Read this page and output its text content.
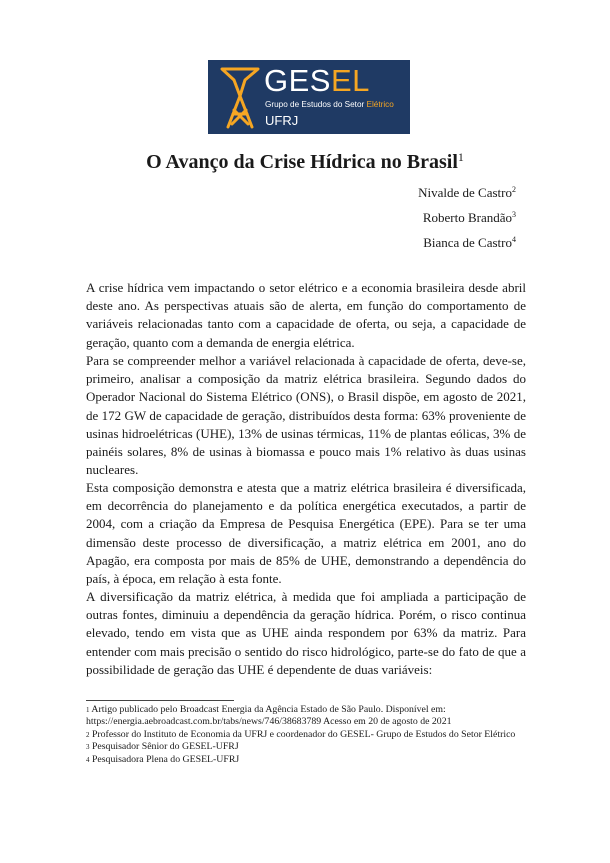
GESEL
Grupo de Estudos do Setor Elétrico
UFRJ
O Avanço da Crise Hídrica no Brasil$^1$
Nivalde de Castro$^2$
Roberto Brandão$^3$
Bianca de Castro$^4$

A crise hídrica vem impactando o setor elétrico e a economia brasileira desde abril deste ano. As perspectivas atuais são de alerta, em função do comportamento de variáveis relacionadas tanto com a capacidade de oferta, ou seja, a capacidade de geração, quanto com a demanda de energia elétrica.

Para se compreender melhor a variável relacionada à capacidade de oferta, deve-se, primeiro, analisar a composição da matriz elétrica brasileira. Segundo dados do Operador Nacional do Sistema Elétrico (ONS), o Brasil dispõe, em agosto de 2021, de 172 GW de capacidade de geração, distribuídos desta forma: 63% proveniente de usinas hidroelétricas (UHE), 13% de usinas térmicas, 11% de plantas eólicas, 3% de painéis solares, 8% de usinas à biomassa e pouco mais 1% relativo às duas usinas nucleares.

Esta composição demonstra e atesta que a matriz elétrica brasileira é diversificada, em decorrência do planejamento e da política energética executados, a partir de 2004, com a criação da Empresa de Pesquisa Energética (EPE). Para se ter uma dimensão deste processo de diversificação, a matriz elétrica em 2001, ano do Apagão, era composta por mais de 85% de UHE, demonstrando a dependência do país, à época, em relação à esta fonte.

A diversificação da matriz elétrica, à medida que foi ampliada a participação de outras fontes, diminuiu a dependência da geração hídrica. Porém, o risco continua elevado, tendo em vista que as UHE ainda respondem por 63% da matriz. Para entender com mais precisão o sentido do risco hidrológico, parte-se do fato de que a possibilidade de geração das UHE é dependente de duas variáveis:

$^1$ Artigo publicado pelo Broadcast Energia da Agência Estado de São Paulo. Disponível em: https://energia.aebroadcast.com.br/tabs/news/746/38683789 Acesso em 20 de agosto de 2021
$^2$ Professor do Instituto de Economia da UFRJ e coordenador do GESEL- Grupo de Estudos do Setor Elétrico
$^3$ Pesquisador Sênior do GESEL-UFRJ
$^4$ Pesquisadora Plena do GESEL-UFRJ
